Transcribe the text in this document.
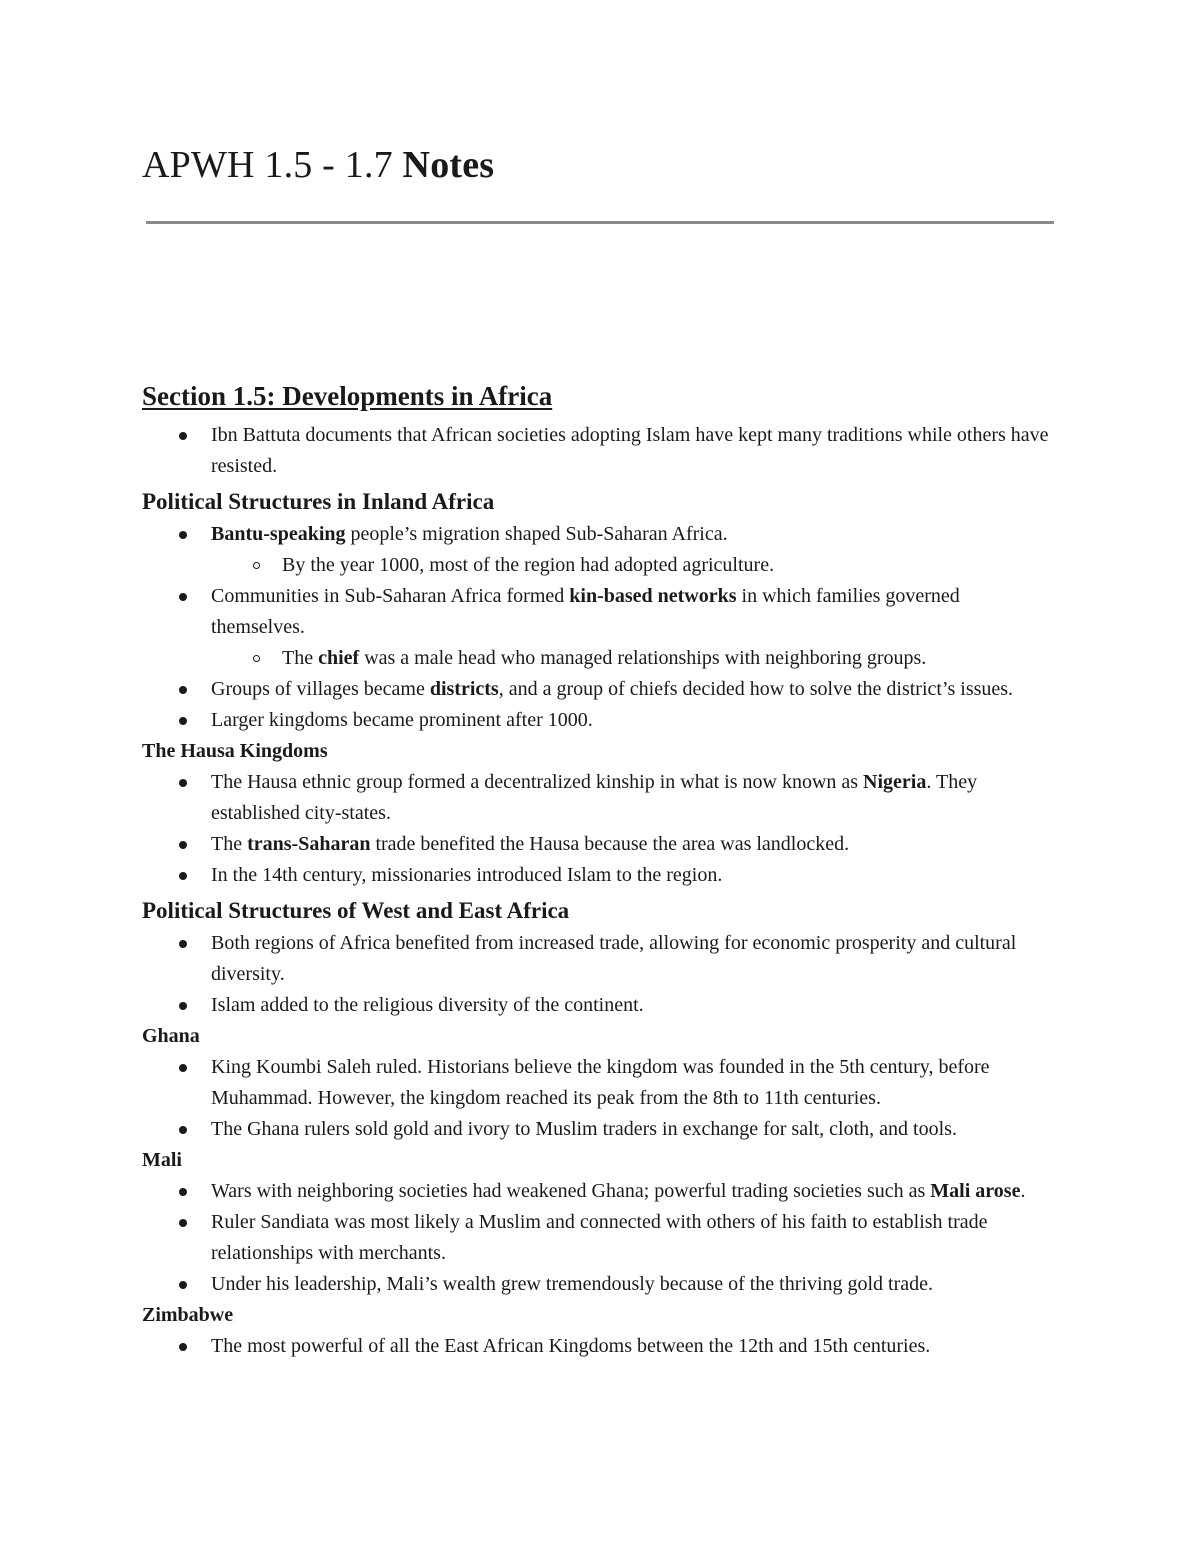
APWH 1.5 - 1.7 Notes
Section 1.5: Developments in Africa
Ibn Battuta documents that African societies adopting Islam have kept many traditions while others have resisted.
Political Structures in Inland Africa
Bantu-speaking people’s migration shaped Sub-Saharan Africa.
By the year 1000, most of the region had adopted agriculture.
Communities in Sub-Saharan Africa formed kin-based networks in which families governed themselves.
The chief was a male head who managed relationships with neighboring groups.
Groups of villages became districts, and a group of chiefs decided how to solve the district’s issues.
Larger kingdoms became prominent after 1000.
The Hausa Kingdoms
The Hausa ethnic group formed a decentralized kinship in what is now known as Nigeria. They established city-states.
The trans-Saharan trade benefited the Hausa because the area was landlocked.
In the 14th century, missionaries introduced Islam to the region.
Political Structures of West and East Africa
Both regions of Africa benefited from increased trade, allowing for economic prosperity and cultural diversity.
Islam added to the religious diversity of the continent.
Ghana
King Koumbi Saleh ruled. Historians believe the kingdom was founded in the 5th century, before Muhammad. However, the kingdom reached its peak from the 8th to 11th centuries.
The Ghana rulers sold gold and ivory to Muslim traders in exchange for salt, cloth, and tools.
Mali
Wars with neighboring societies had weakened Ghana; powerful trading societies such as Mali arose.
Ruler Sandiata was most likely a Muslim and connected with others of his faith to establish trade relationships with merchants.
Under his leadership, Mali’s wealth grew tremendously because of the thriving gold trade.
Zimbabwe
The most powerful of all the East African Kingdoms between the 12th and 15th centuries.
